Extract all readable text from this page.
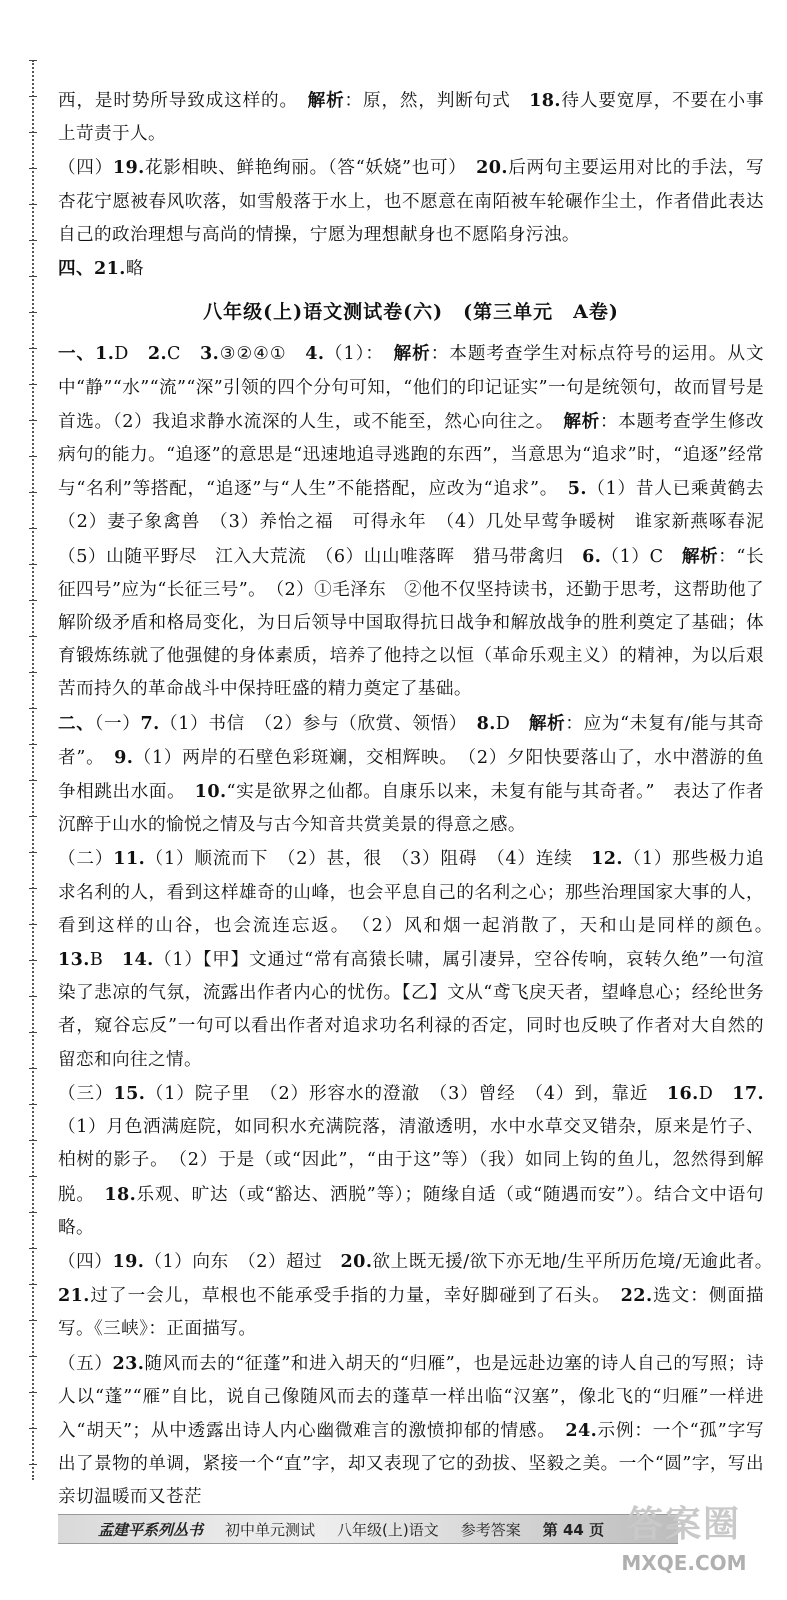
西，是时势所导致成这样的。　解析：原，然，判断句式　18.待人要宽厚，不要在小事上苛责于人。

（四）19.花影相映、鲜艳绚丽。（答“妖娆”也可）　20.后两句主要运用对比的手法，写杏花宁愿被春风吹落，如雪般落于水上，也不愿意在南陌被车轮碾作尘土，作者借此表达自己的政治理想与高尚的情操，宁愿为理想献身也不愿陷身污浊。

四、21.略

八年级(上)语文测试卷(六)　(第三单元　A卷)

一、1.D　2.C　3.③②④①　4.（1）：　解析：本题考查学生对标点符号的运用。从文中“静”“水”“流”“深”引领的四个分句可知，“他们的印记证实”一句是统领句，故而冒号是首选。（2）我追求静水流深的人生，或不能至，然心向往之。　解析：本题考查学生修改病句的能力。“追逐”的意思是“迅速地追寻逃跑的东西”，当意思为“追求”时，“追逐”经常与“名利”等搭配，“追逐”与“人生”不能搭配，应改为“追求”。　5.（1）昔人已乘黄鹤去　（2）妻子象禽兽　（3）养怡之福　可得永年　（4）几处早莺争暖树　谁家新燕啄春泥　（5）山随平野尽　江入大荒流　（6）山山唯落晖　猎马带禽归　6.（1）C　解析：“长征四号”应为“长征三号”。　（2）①毛泽东　②他不仅坚持读书，还勤于思考，这帮助他了解阶级矛盾和格局变化，为日后领导中国取得抗日战争和解放战争的胜利奠定了基础；体育锻炼练就了他强健的身体素质，培养了他持之以恒（革命乐观主义）的精神，为以后艰苦而持久的革命战斗中保持旺盛的精力奠定了基础。

二、（一）7.（1）书信　（2）参与（欣赏、领悟）　8.D　解析：应为“未复有/能与其奇者”。　9.（1）两岸的石壁色彩斑斓，交相辉映。　（2）夕阳快要落山了，水中潜游的鱼争相跳出水面。　10.“实是欲界之仙都。自康乐以来，未复有能与其奇者。”　表达了作者沉醉于山水的愉悦之情及与古今知音共赏美景的得意之感。

（二）11.（1）顺流而下　（2）甚，很　（3）阻碍　（4）连续　12.（1）那些极力追求名利的人，看到这样雄奇的山峰，也会平息自己的名利之心；那些治理国家大事的人，看到这样的山谷，也会流连忘返。　（2）风和烟一起消散了，天和山是同样的颜色。　13.B　14.（1）【甲】文通过“常有高猿长啸，属引凄异，空谷传响，哀转久绝”一句渲染了悲凉的气氛，流露出作者内心的忧伤。【乙】文从“鸢飞戾天者，望峰息心；经纶世务者，窥谷忘反”一句可以看出作者对追求功名利禄的否定，同时也反映了作者对大自然的留恋和向往之情。

（三）15.（1）院子里　（2）形容水的澄澈　（3）曾经　（4）到，靠近　16.D　17.（1）月色洒满庭院，如同积水充满院落，清澈透明，水中水草交叉错杂，原来是竹子、柏树的影子。　（2）于是（或“因此”，“由于这”等）（我）如同上钩的鱼儿，忽然得到解脱。　18.乐观、旷达（或“豁达、洒脱”等）；随缘自适（或“随遇而安”）。结合文中语句略。

（四）19.（1）向东　（2）超过　20.欲上既无援/欲下亦无地/生平所历危境/无逾此者。　21.过了一会儿，草根也不能承受手指的力量，幸好脚碰到了石头。　22.选文：侧面描写。《三峡》：正面描写。

（五）23.随风而去的“征蓬”和进入胡天的“归雁”，也是远赴边塞的诗人自己的写照；诗人以“蓬”“雁”自比，说自己像随风而去的蓬草一样出临“汉塞”，像北飞的“归雁”一样进入“胡天”；从中透露出诗人内心幽微难言的激愤抑郁的情感。　24.示例：一个“孤”字写出了景物的单调，紧接一个“直”字，却又表现了它的劲拔、坚毅之美。一个“圆”字，写出亲切温暖而又苍茫

孟建平系列丛书 初中单元测试 八年级(上)语文 参考答案 第 44 页 答案圈
MXQE.COM
